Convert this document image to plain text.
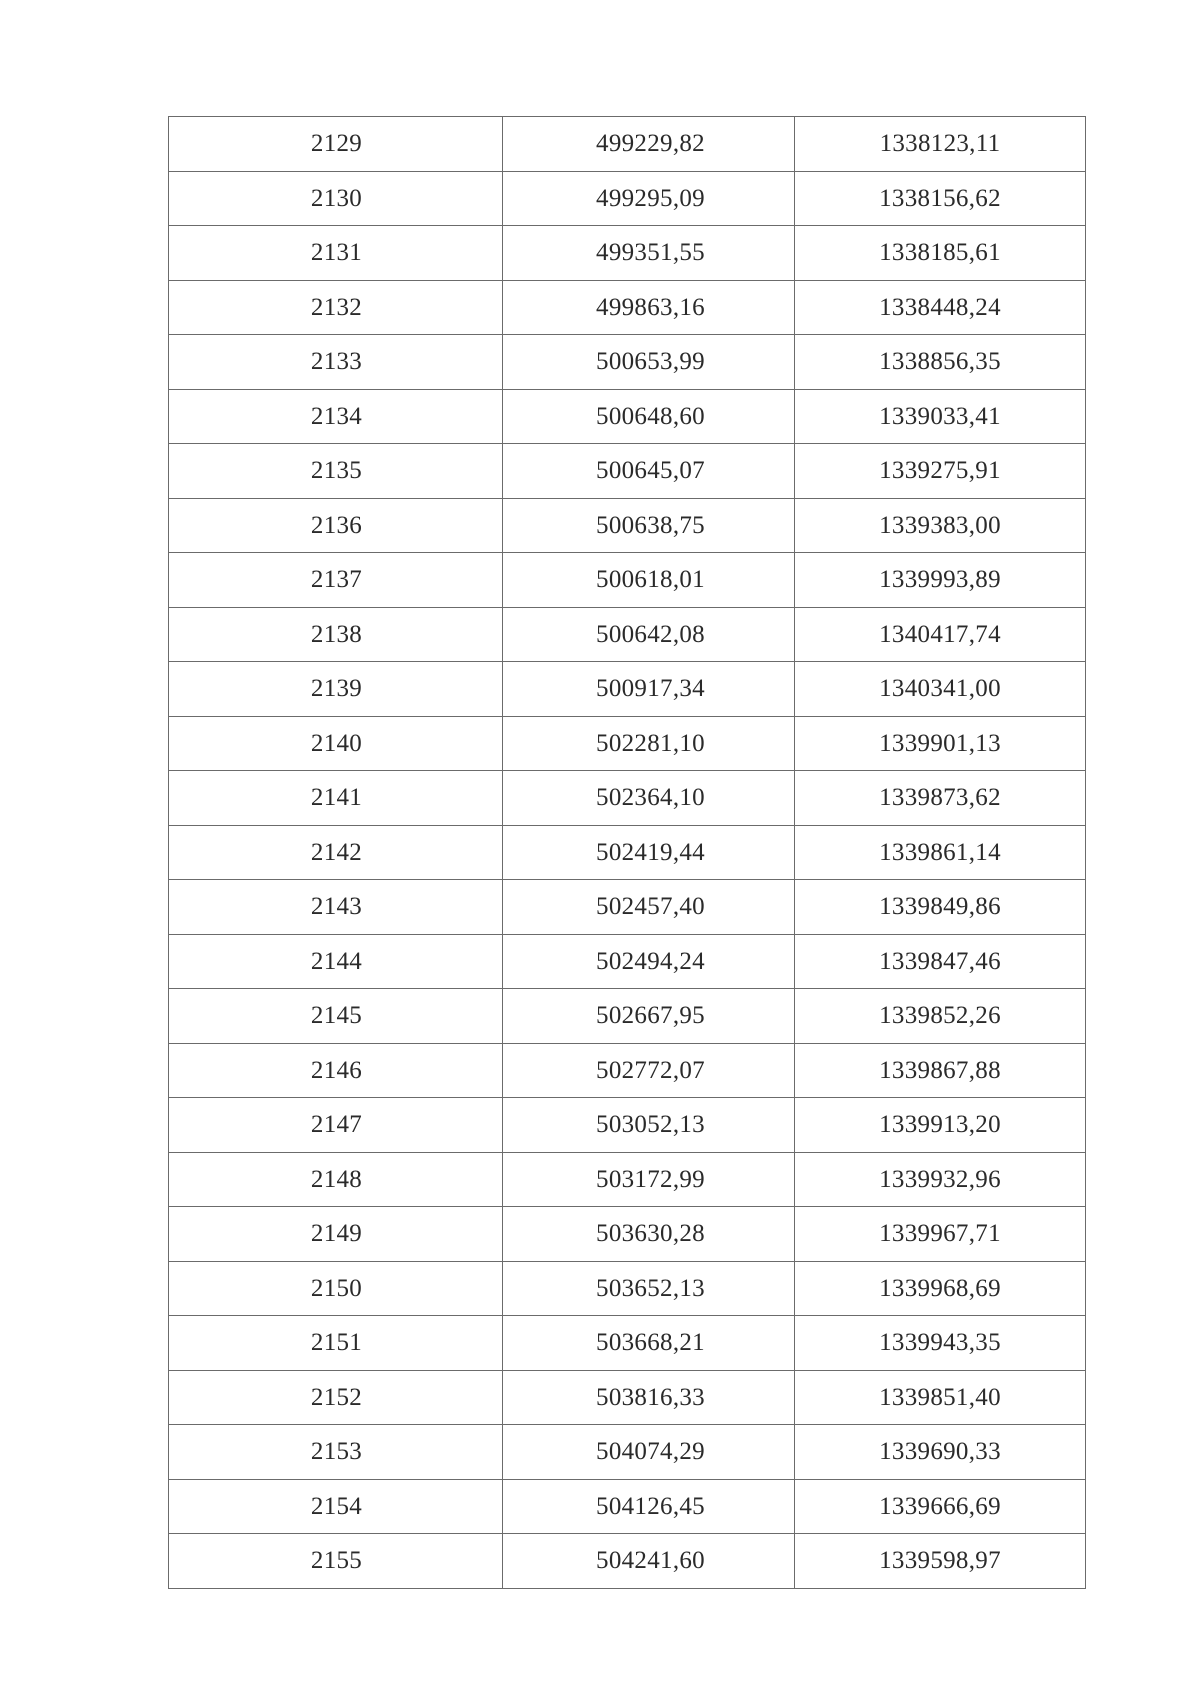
2129	499229,82	1338123,11
2130	499295,09	1338156,62
2131	499351,55	1338185,61
2132	499863,16	1338448,24
2133	500653,99	1338856,35
2134	500648,60	1339033,41
2135	500645,07	1339275,91
2136	500638,75	1339383,00
2137	500618,01	1339993,89
2138	500642,08	1340417,74
2139	500917,34	1340341,00
2140	502281,10	1339901,13
2141	502364,10	1339873,62
2142	502419,44	1339861,14
2143	502457,40	1339849,86
2144	502494,24	1339847,46
2145	502667,95	1339852,26
2146	502772,07	1339867,88
2147	503052,13	1339913,20
2148	503172,99	1339932,96
2149	503630,28	1339967,71
2150	503652,13	1339968,69
2151	503668,21	1339943,35
2152	503816,33	1339851,40
2153	504074,29	1339690,33
2154	504126,45	1339666,69
2155	504241,60	1339598,97
